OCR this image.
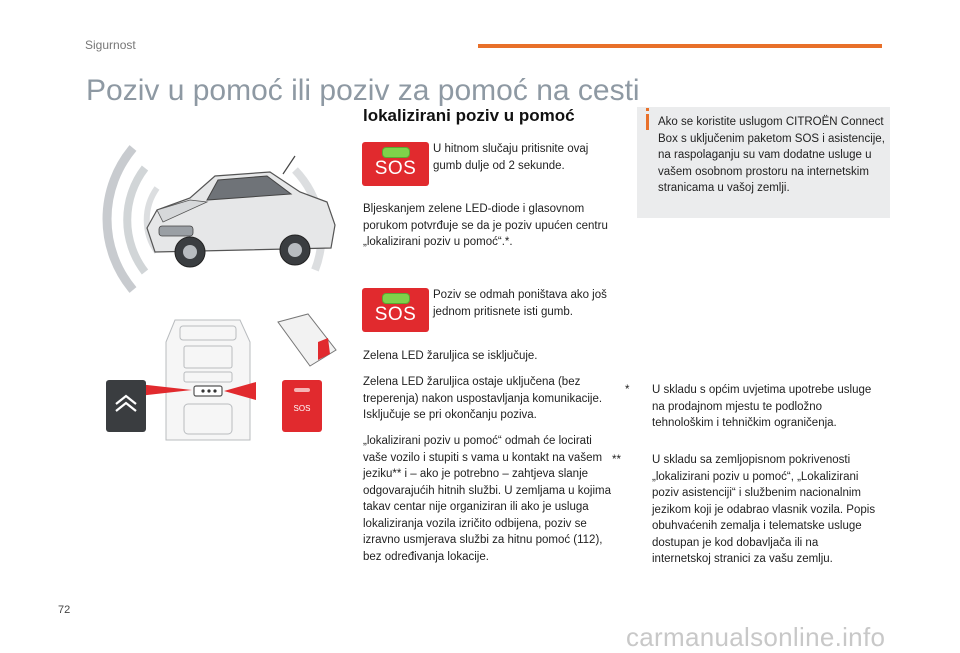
Sigurnost
Poziv u pomoć ili poziv za pomoć na cesti
lokalizirani poziv u pomoć
SOS
SOS
U hitnom slučaju pritisnite ovaj gumb dulje od 2 sekunde.
Bljeskanjem zelene LED-diode i glasovnom porukom potvrđuje se da je poziv upućen centru „lokalizirani poziv u pomoć“.*.
SOS
Poziv se odmah poništava ako još jednom pritisnete isti gumb.
Zelena LED žaruljica se isključuje.
Zelena LED žaruljica ostaje uključena (bez treperenja) nakon uspostavljanja komunikacije. Isključuje se pri okončanju poziva.
„lokalizirani poziv u pomoć“ odmah će locirati vaše vozilo i stupiti s vama u kontakt na vašem jeziku** i – ako je potrebno – zahtjeva slanje odgovarajućih hitnih službi. U zemljama u kojima takav centar nije organiziran ili ako je usluga lokaliziranja vozila izričito odbijena, poziv se izravno usmjerava službi za hitnu pomoć (112), bez određivanja lokacije.
Ako se koristite uslugom CITROËN Connect Box s uključenim paketom SOS i asistencije, na raspolaganju su vam dodatne usluge u vašem osobnom prostoru na internetskim stranicama u vašoj zemlji.
* U skladu s općim uvjetima upotrebe usluge na prodajnom mjestu te podložno tehnološkim i tehničkim ograničenja.
**	U skladu sa zemljopisnom pokrivenosti „lokalizirani poziv u pomoć“, „Lokalizirani poziv asistenciji“ i službenim nacionalnim jezikom koji je odabrao vlasnik vozila. Popis obuhvaćenih zemalja i telematske usluge dostupan je kod dobavljača ili na internetskoj stranici za vašu zemlju.
72
carmanualsonline.info
